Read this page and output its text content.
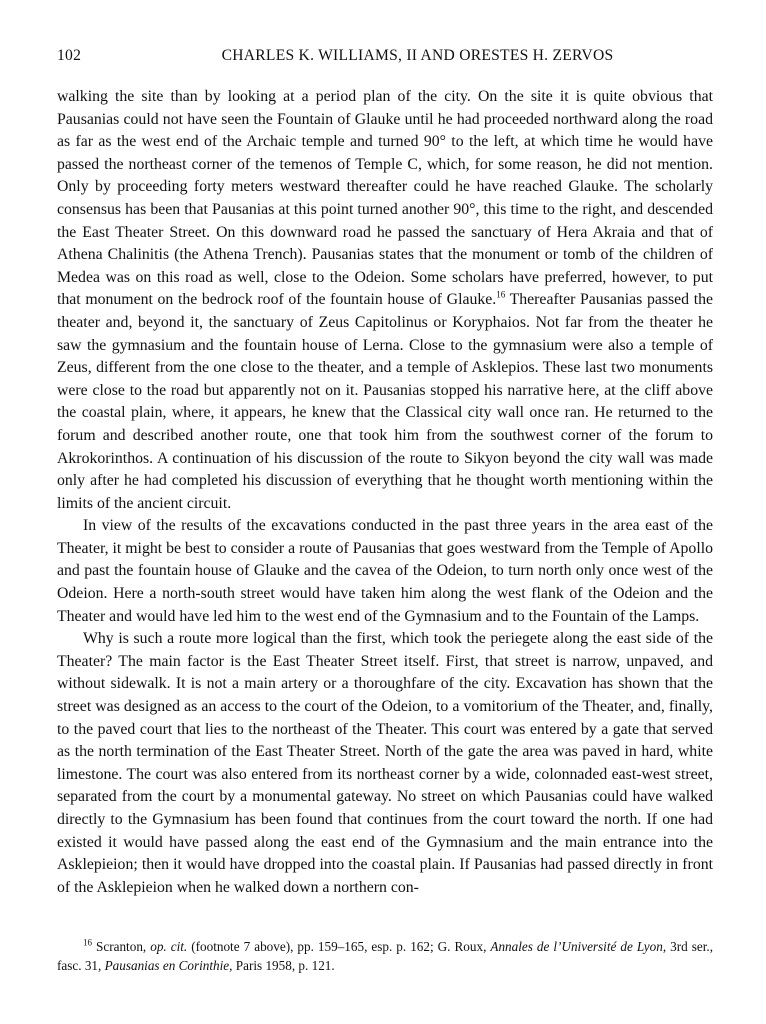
102	CHARLES K. WILLIAMS, II AND ORESTES H. ZERVOS

walking the site than by looking at a period plan of the city. On the site it is quite obvious that Pausanias could not have seen the Fountain of Glauke until he had proceeded northward along the road as far as the west end of the Archaic temple and turned 90° to the left, at which time he would have passed the northeast corner of the temenos of Temple C, which, for some reason, he did not mention. Only by proceeding forty meters westward thereafter could he have reached Glauke. The scholarly consensus has been that Pausanias at this point turned another 90°, this time to the right, and descended the East Theater Street. On this downward road he passed the sanctuary of Hera Akraia and that of Athena Chalinitis (the Athena Trench). Pausanias states that the monument or tomb of the children of Medea was on this road as well, close to the Odeion. Some scholars have preferred, however, to put that monument on the bedrock roof of the fountain house of Glauke.$^{16}$ Thereafter Pausanias passed the theater and, beyond it, the sanctuary of Zeus Capitolinus or Koryphaios. Not far from the theater he saw the gymnasium and the fountain house of Lerna. Close to the gymnasium were also a temple of Zeus, different from the one close to the theater, and a temple of Asklepios. These last two monuments were close to the road but apparently not on it. Pausanias stopped his narrative here, at the cliff above the coastal plain, where, it appears, he knew that the Classical city wall once ran. He returned to the forum and described another route, one that took him from the southwest corner of the forum to Akrokorinthos. A continuation of his discussion of the route to Sikyon beyond the city wall was made only after he had completed his discussion of everything that he thought worth mentioning within the limits of the ancient circuit.

In view of the results of the excavations conducted in the past three years in the area east of the Theater, it might be best to consider a route of Pausanias that goes westward from the Temple of Apollo and past the fountain house of Glauke and the cavea of the Odeion, to turn north only once west of the Odeion. Here a north-south street would have taken him along the west flank of the Odeion and the Theater and would have led him to the west end of the Gymnasium and to the Fountain of the Lamps.

Why is such a route more logical than the first, which took the periegete along the east side of the Theater? The main factor is the East Theater Street itself. First, that street is narrow, unpaved, and without sidewalk. It is not a main artery or a thoroughfare of the city. Excavation has shown that the street was designed as an access to the court of the Odeion, to a vomitorium of the Theater, and, finally, to the paved court that lies to the northeast of the Theater. This court was entered by a gate that served as the north termination of the East Theater Street. North of the gate the area was paved in hard, white limestone. The court was also entered from its northeast corner by a wide, colonnaded east-west street, separated from the court by a monumental gateway. No street on which Pausanias could have walked directly to the Gymnasium has been found that continues from the court toward the north. If one had existed it would have passed along the east end of the Gymnasium and the main entrance into the Asklepieion; then it would have dropped into the coastal plain. If Pausanias had passed directly in front of the Asklepieion when he walked down a northern con-

$^{16}$ Scranton, op. cit. (footnote 7 above), pp. 159–165, esp. p. 162; G. Roux, Annales de l’Université de Lyon, 3rd ser., fasc. 31, Pausanias en Corinthie, Paris 1958, p. 121.
